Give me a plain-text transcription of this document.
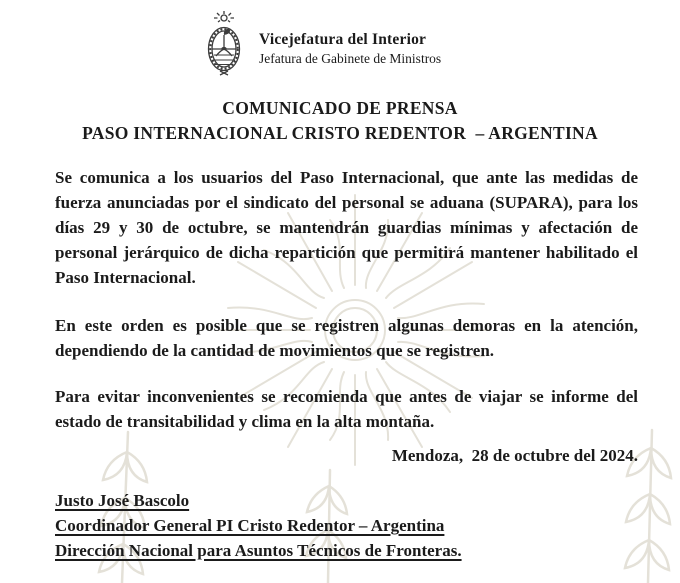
Vicejefatura del Interior
Jefatura de Gabinete de Ministros
COMUNICADO DE PRENSA
PASO INTERNACIONAL CRISTO REDENTOR  – ARGENTINA
Se comunica a los usuarios del Paso Internacional, que ante las medidas de fuerza anunciadas por el sindicato del personal se aduana (SUPARA), para los días 29 y 30 de octubre, se mantendrán guardias mínimas y afectación de personal jerárquico de dicha repartición que permitirá mantener habilitado el Paso Internacional.
En este orden es posible que se registren algunas demoras en la atención, dependiendo de la cantidad de movimientos que se registren.
Para evitar inconvenientes se recomienda que antes de viajar se informe del estado de transitabilidad y clima en la alta montaña.
Mendoza,  28 de octubre del 2024.
Justo José Bascolo
Coordinador General PI Cristo Redentor – Argentina
Dirección Nacional para Asuntos Técnicos de Fronteras.
